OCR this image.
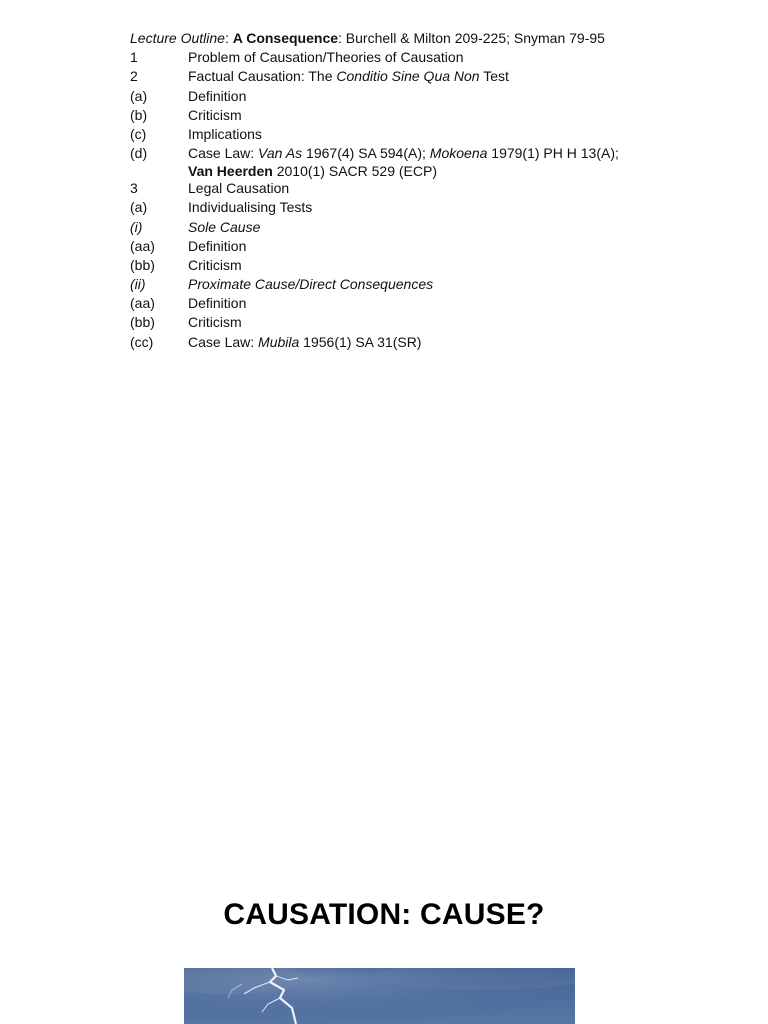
Lecture Outline: A Consequence: Burchell & Milton 209-225; Snyman 79-95
1	Problem of Causation/Theories of Causation
2	Factual Causation: The Conditio Sine Qua Non Test
(a)	Definition
(b)	Criticism
(c)	Implications
(d)	Case Law: Van As 1967(4) SA 594(A); Mokoena 1979(1) PH H 13(A);
Van Heerden 2010(1) SACR 529 (ECP)
3	Legal Causation
(a)	Individualising Tests
(i)	Sole Cause
(aa)	Definition
(bb)	Criticism
(ii)	Proximate Cause/Direct Consequences
(aa)	Definition
(bb)	Criticism
(cc)	Case Law: Mubila 1956(1) SA 31(SR)
CAUSATION: CAUSE?
